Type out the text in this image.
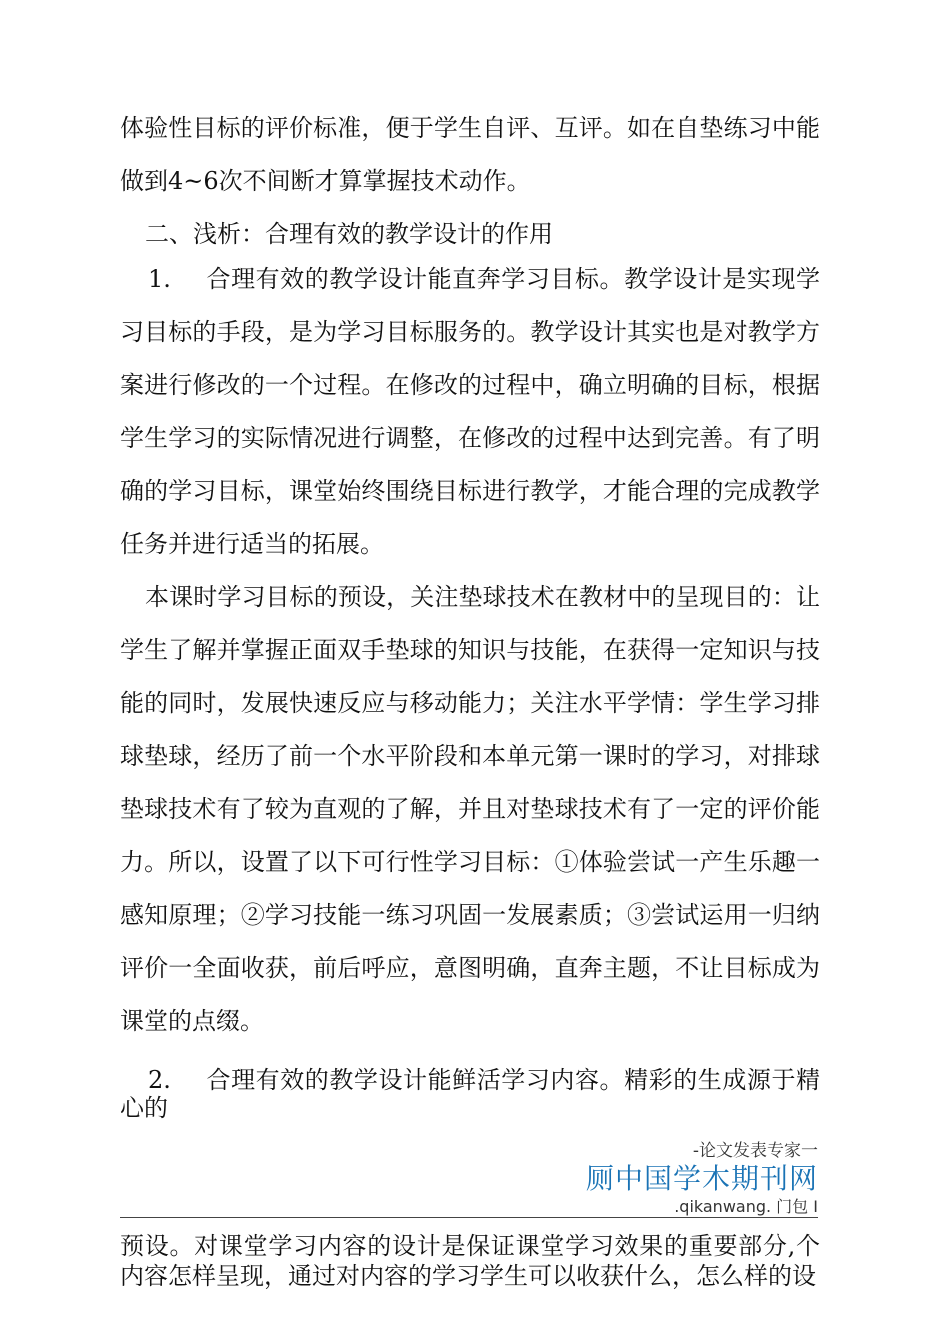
体验性目标的评价标准，便于学生自评、互评。如在自垫练习中能做到4~6次不间断才算掌握技术动作。

二、浅析：合理有效的教学设计的作用

1. 合理有效的教学设计能直奔学习目标。教学设计是实现学习目标的手段，是为学习目标服务的。教学设计其实也是对教学方案进行修改的一个过程。在修改的过程中，确立明确的目标，根据学生学习的实际情况进行调整，在修改的过程中达到完善。有了明确的学习目标，课堂始终围绕目标进行教学，才能合理的完成教学任务并进行适当的拓展。

本课时学习目标的预设，关注垫球技术在教材中的呈现目的：让学生了解并掌握正面双手垫球的知识与技能，在获得一定知识与技能的同时，发展快速反应与移动能力；关注水平学情：学生学习排球垫球，经历了前一个水平阶段和本单元第一课时的学习，对排球垫球技术有了较为直观的了解，并且对垫球技术有了一定的评价能力。所以，设置了以下可行性学习目标：①体验尝试一产生乐趣一感知原理；②学习技能一练习巩固一发展素质；③尝试运用一归纳评价一全面收获，前后呼应，意图明确，直奔主题，不让目标成为课堂的点缀。

2. 合理有效的教学设计能鲜活学习内容。精彩的生成源于精心的

-论文发表专家一
厕中国学木期刊网
.qikanwang. 门包 I

预设。对课堂学习内容的设计是保证课堂学习效果的重要部分,个内容怎样呈现，通过对内容的学习学生可以收获什么，怎么样的设
